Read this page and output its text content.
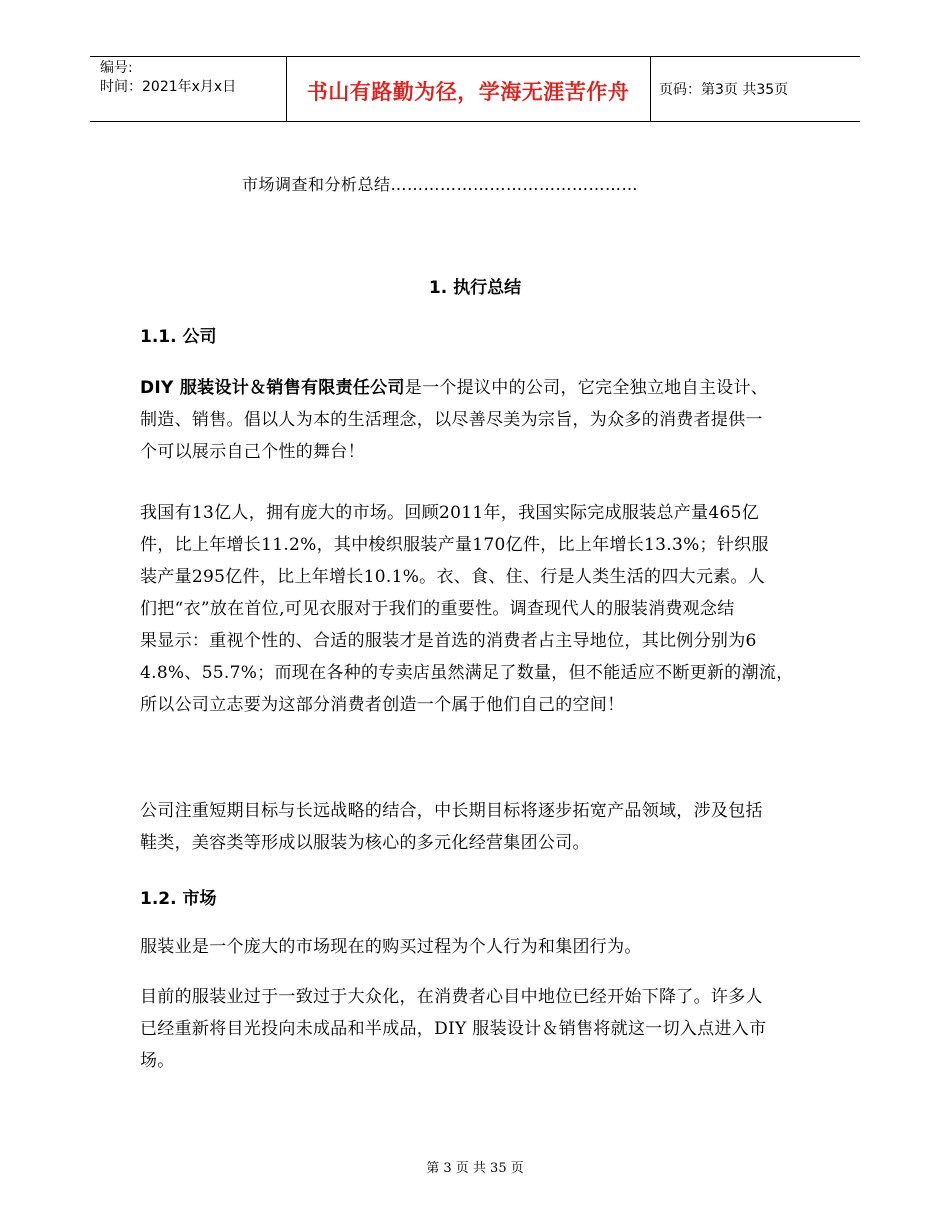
编号:
时间：2021年x月x日	书山有路勤为径，学海无涯苦作舟	页码：第3页 共35页
市场调查和分析总结………………………………………
1. 执行总结
1.1. 公司
DIY 服装设计＆销售有限责任公司是一个提议中的公司，它完全独立地自主设计、
制造、销售。倡以人为本的生活理念，以尽善尽美为宗旨，为众多的消费者提供一
个可以展示自己个性的舞台！
我国有13亿人，拥有庞大的市场。回顾2011年，我国实际完成服装总产量465亿
件，比上年增长11.2%，其中梭织服装产量170亿件，比上年增长13.3%；针织服
装产量295亿件，比上年增长10.1%。衣、食、住、行是人类生活的四大元素。人
们把“衣”放在首位,可见衣服对于我们的重要性。调查现代人的服装消费观念结
果显示：重视个性的、合适的服装才是首选的消费者占主导地位，其比例分别为6
4.8%、55.7%；而现在各种的专卖店虽然满足了数量，但不能适应不断更新的潮流，
所以公司立志要为这部分消费者创造一个属于他们自己的空间！
公司注重短期目标与长远战略的结合，中长期目标将逐步拓宽产品领域，涉及包括
鞋类，美容类等形成以服装为核心的多元化经营集团公司。
1.2. 市场
服装业是一个庞大的市场现在的购买过程为个人行为和集团行为。
目前的服装业过于一致过于大众化，在消费者心目中地位已经开始下降了。许多人
已经重新将目光投向未成品和半成品，DIY 服装设计＆销售将就这一切入点进入市
场。
第 3 页 共 35 页
